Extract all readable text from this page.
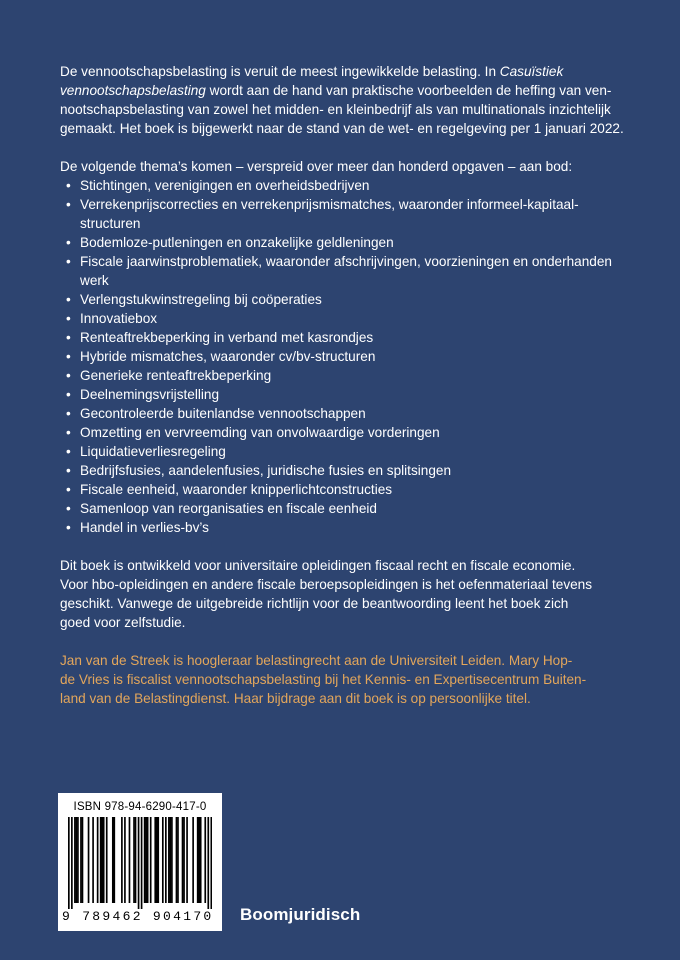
De vennootschapsbelasting is veruit de meest ingewikkelde belasting. In Casuïstiek
vennootschapsbelasting wordt aan de hand van praktische voorbeelden de heffing van ven-
nootschapsbelasting van zowel het midden- en kleinbedrijf als van multinationals inzichtelijk
gemaakt. Het boek is bijgewerkt naar de stand van de wet- en regelgeving per 1 januari 2022.

De volgende thema’s komen – verspreid over meer dan honderd opgaven – aan bod:

• Stichtingen, verenigingen en overheidsbedrijven
• Verrekenprijscorrecties en verrekenprijsmismatches, waaronder informeel-kapitaal-
structuren
• Bodemloze-putleningen en onzakelijke geldleningen
• Fiscale jaarwinstproblematiek, waaronder afschrijvingen, voorzieningen en onderhanden
werk
• Verlengstukwinstregeling bij coöperaties
• Innovatiebox
• Renteaftrekbeperking in verband met kasrondjes
• Hybride mismatches, waaronder cv/bv-structuren
• Generieke renteaftrekbeperking
• Deelnemingsvrijstelling
• Gecontroleerde buitenlandse vennootschappen
• Omzetting en vervreemding van onvolwaardige vorderingen
• Liquidatieverliesregeling
• Bedrijfsfusies, aandelenfusies, juridische fusies en splitsingen
• Fiscale eenheid, waaronder knipperlichtconstructies
• Samenloop van reorganisaties en fiscale eenheid
• Handel in verlies-bv’s

Dit boek is ontwikkeld voor universitaire opleidingen fiscaal recht en fiscale economie.
Voor hbo-opleidingen en andere fiscale beroepsopleidingen is het oefenmateriaal tevens
geschikt. Vanwege de uitgebreide richtlijn voor de beantwoording leent het boek zich
goed voor zelfstudie.

Jan van de Streek is hoogleraar belastingrecht aan de Universiteit Leiden. Mary Hop-
de Vries is fiscalist vennootschapsbelasting bij het Kennis- en Expertisecentrum Buiten-
land van de Belastingdienst. Haar bijdrage aan dit boek is op persoonlijke titel.

ISBN 978-94-6290-417-0
9 789462 904170	Boomjuridisch
